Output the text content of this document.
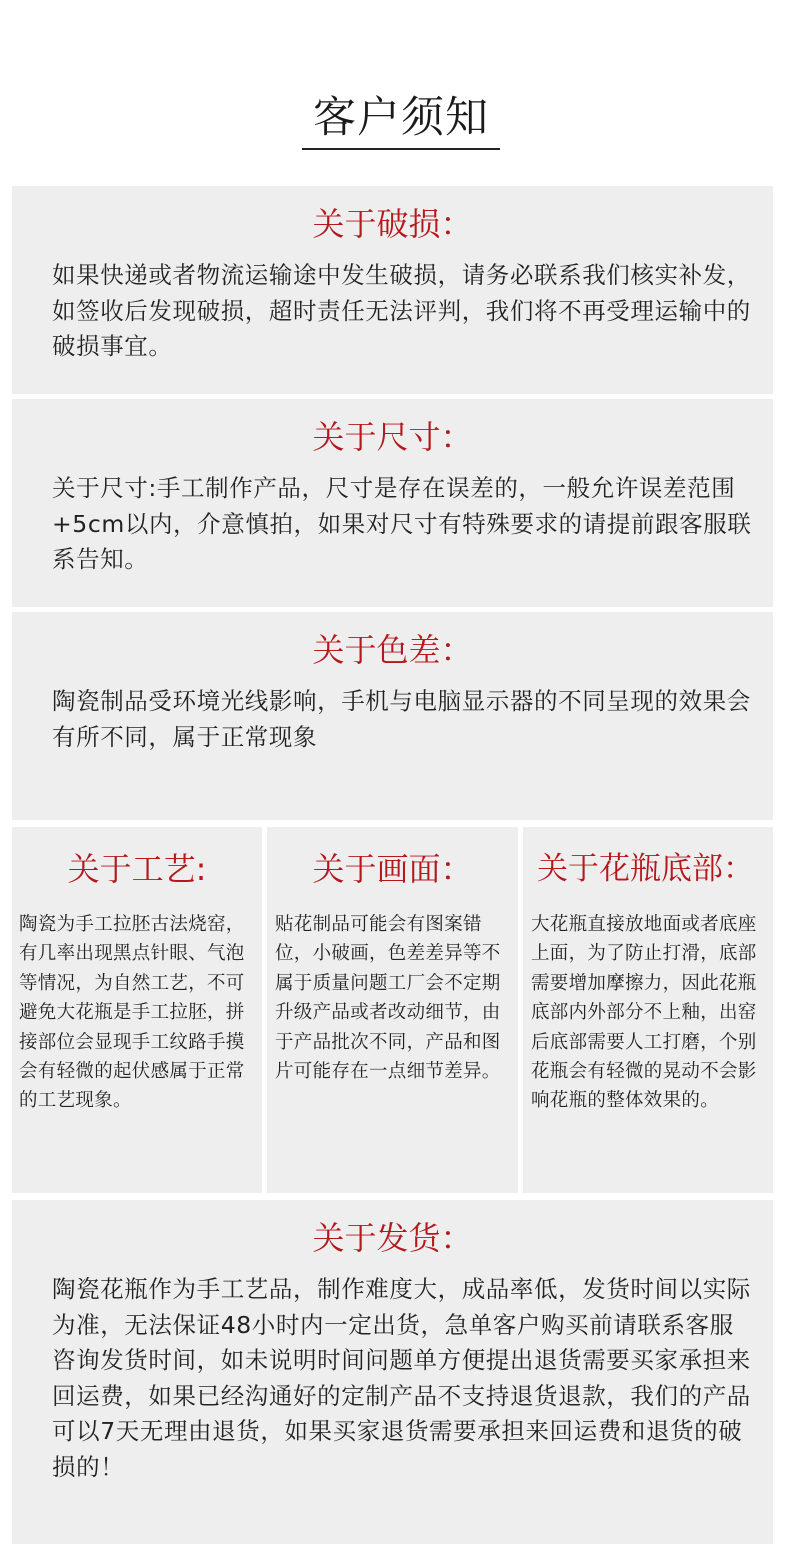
客户须知
关于破损：
如果快递或者物流运输途中发生破损，请务必联系我们核实补发，如签收后发现破损，超时责任无法评判，我们将不再受理运输中的破损事宜。
关于尺寸：
关于尺寸:手工制作产品，尺寸是存在误差的，一般允许误差范围+5cm以内，介意慎拍，如果对尺寸有特殊要求的请提前跟客服联系告知。
关于色差：
陶瓷制品受环境光线影响，手机与电脑显示器的不同呈现的效果会有所不同，属于正常现象
关于工艺:
陶瓷为手工拉胚古法烧窑，有几率出现黑点针眼、气泡等情况，为自然工艺，不可避免大花瓶是手工拉胚，拼接部位会显现手工纹路手摸会有轻微的起伏感属于正常的工艺现象。
关于画面：
贴花制品可能会有图案错位，小破画，色差差异等不属于质量问题工厂会不定期升级产品或者改动细节，由于产品批次不同，产品和图片可能存在一点细节差异。
关于花瓶底部：
大花瓶直接放地面或者底座上面，为了防止打滑，底部需要增加摩擦力，因此花瓶底部内外部分不上釉，出窑后底部需要人工打磨，个别花瓶会有轻微的晃动不会影响花瓶的整体效果的。
关于发货：
陶瓷花瓶作为手工艺品，制作难度大，成品率低，发货时间以实际为准，无法保证48小时内一定出货，急单客户购买前请联系客服咨询发货时间，如未说明时间问题单方便提出退货需要买家承担来回运费，如果已经沟通好的定制产品不支持退货退款，我们的产品可以7天无理由退货，如果买家退货需要承担来回运费和退货的破损的！
